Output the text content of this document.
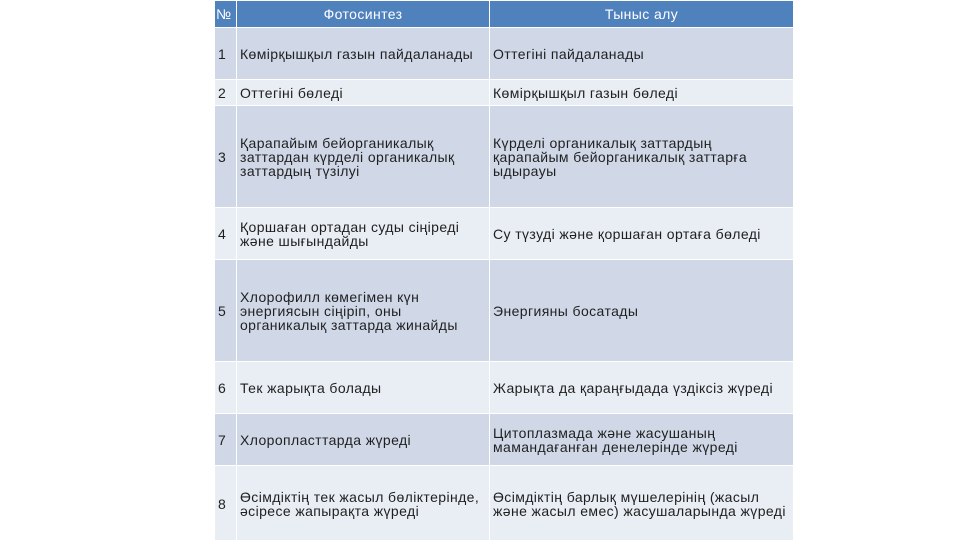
№	Фотосинтез	Тыныс алу
1	Көмірқышқыл газын пайдаланады	Оттегіні пайдаланады
2	Оттегіні бөледі	Көмірқышқыл газын бөледі
3	Қарапайым бейорганикалық заттардан күрделі органикалық заттардың түзілуі	Күрделі органикалық заттардың қарапайым бейорганикалық заттарға ыдырауы
4	Қоршаған ортадан суды сіңіреді және шығындайды	Су түзуді және қоршаған ортаға бөледі
5	Хлорофилл көмегімен күн энергиясын сіңіріп, оны органикалық заттарда жинайды	Энергияны босатады
6	Тек жарықта болады	Жарықта да қараңғыдада үздіксіз жүреді
7	Хлоропласттарда жүреді	Цитоплазмада және жасушаның мамандағанған денелерінде жүреді
8	Өсімдіктің тек жасыл бөліктерінде, әсіресе жапырақта жүреді	Өсімдіктің барлық мүшелерінің (жасыл және жасыл емес) жасушаларында жүреді
